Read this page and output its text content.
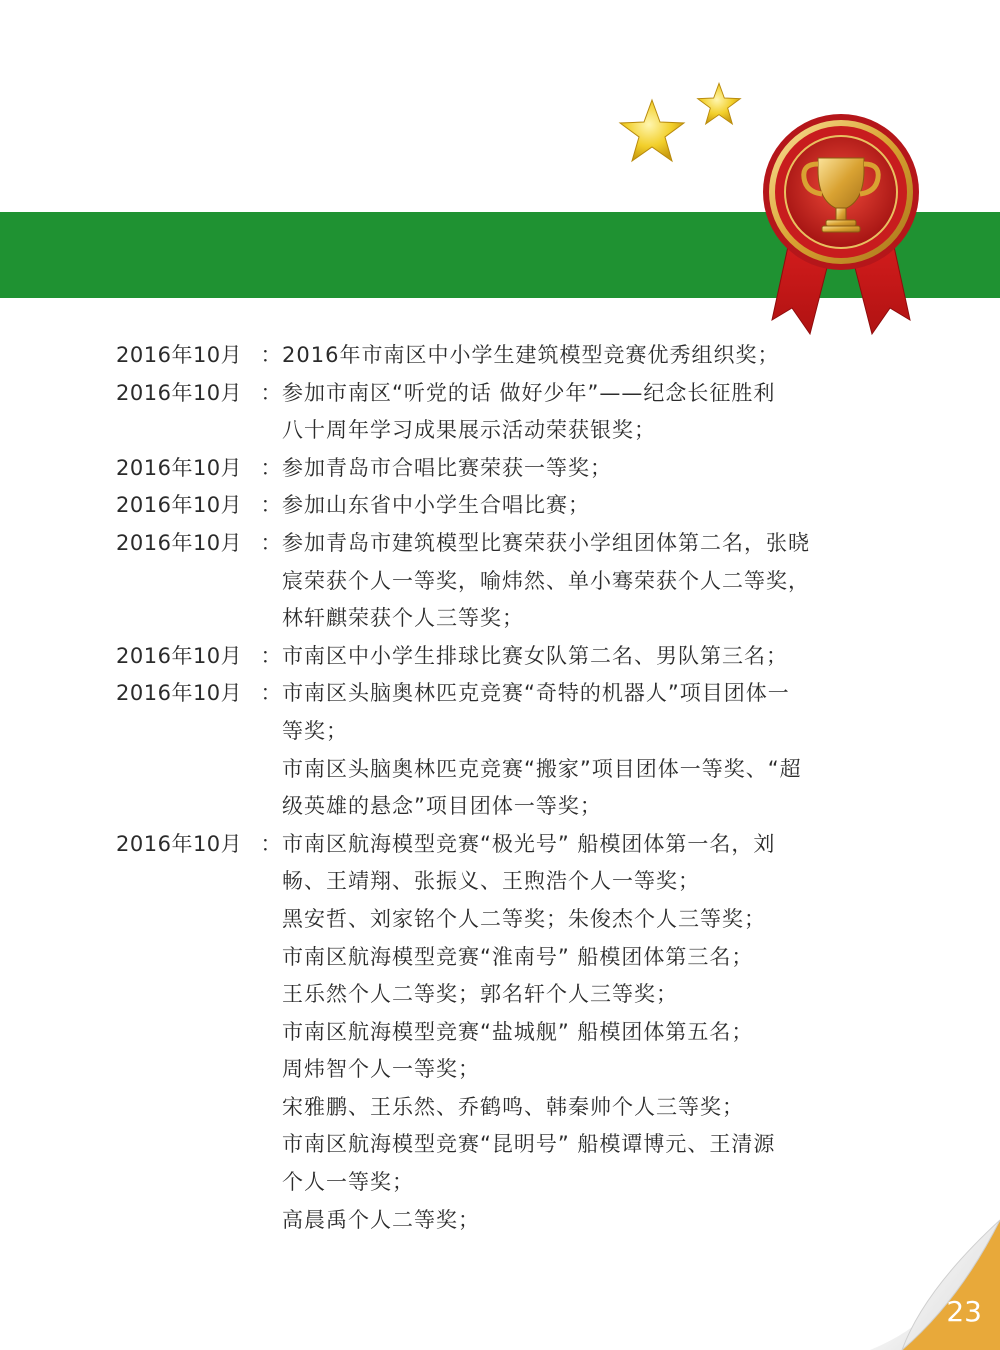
2016年10月 ： 2016年市南区中小学生建筑模型竞赛优秀组织奖；
2016年10月 ： 参加市南区“听党的话 做好少年”——纪念长征胜利
八十周年学习成果展示活动荣获银奖；
2016年10月 ： 参加青岛市合唱比赛荣获一等奖；
2016年10月 ： 参加山东省中小学生合唱比赛；
2016年10月 ： 参加青岛市建筑模型比赛荣获小学组团体第二名，张晓
宸荣获个人一等奖，喻炜然、单小骞荣获个人二等奖，
林轩麒荣获个人三等奖；
2016年10月 ： 市南区中小学生排球比赛女队第二名、男队第三名；
2016年10月 ： 市南区头脑奥林匹克竞赛“奇特的机器人”项目团体一
等奖；
市南区头脑奥林匹克竞赛“搬家”项目团体一等奖、“超
级英雄的悬念”项目团体一等奖；
2016年10月 ： 市南区航海模型竞赛“极光号” 船模团体第一名，刘
畅、王靖翔、张振义、王煦浩个人一等奖；
黑安哲、刘家铭个人二等奖；朱俊杰个人三等奖；
市南区航海模型竞赛“淮南号” 船模团体第三名；
王乐然个人二等奖；郭名轩个人三等奖；
市南区航海模型竞赛“盐城舰” 船模团体第五名；
周炜智个人一等奖；
宋雅鹏、王乐然、乔鹤鸣、韩秦帅个人三等奖；
市南区航海模型竞赛“昆明号” 船模谭博元、王清源
个人一等奖；
高晨禹个人二等奖；
23
